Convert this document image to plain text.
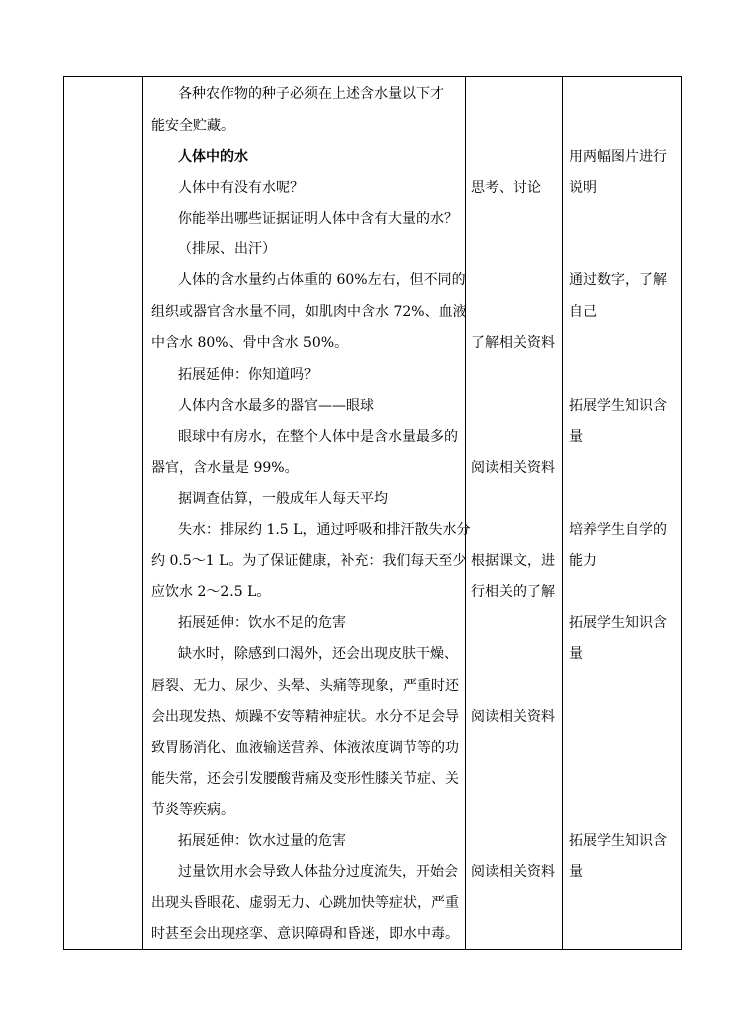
各种农作物的种子必须在上述含水量以下才
能安全贮藏。
人体中的水
人体中有没有水呢？
你能举出哪些证据证明人体中含有大量的水？
（排尿、出汗）
人体的含水量约占体重的 60%左右，但不同的
组织或器官含水量不同，如肌肉中含水 72%、血液
中含水 80%、骨中含水 50%。
拓展延伸：你知道吗？
人体内含水最多的器官——眼球
眼球中有房水，在整个人体中是含水量最多的
器官，含水量是 99%。
据调查估算，一般成年人每天平均
失水：排尿约 1.5 L，通过呼吸和排汗散失水分
约 0.5～1 L。为了保证健康，补充：我们每天至少
应饮水 2～2.5 L。
拓展延伸：饮水不足的危害
缺水时，除感到口渴外，还会出现皮肤干燥、
唇裂、无力、尿少、头晕、头痛等现象，严重时还
会出现发热、烦躁不安等精神症状。水分不足会导
致胃肠消化、血液输送营养、体液浓度调节等的功
能失常，还会引发腰酸背痛及变形性膝关节症、关
节炎等疾病。
拓展延伸：饮水过量的危害
过量饮用水会导致人体盐分过度流失，开始会
出现头昏眼花、虚弱无力、心跳加快等症状，严重
时甚至会出现痉挛、意识障碍和昏迷，即水中毒。
思考、讨论
了解相关资料
阅读相关资料
根据课文，进
行相关的了解
阅读相关资料
阅读相关资料
用两幅图片进行
说明
通过数字，了解
自己
拓展学生知识含
量
培养学生自学的
能力
拓展学生知识含
量
拓展学生知识含
量
